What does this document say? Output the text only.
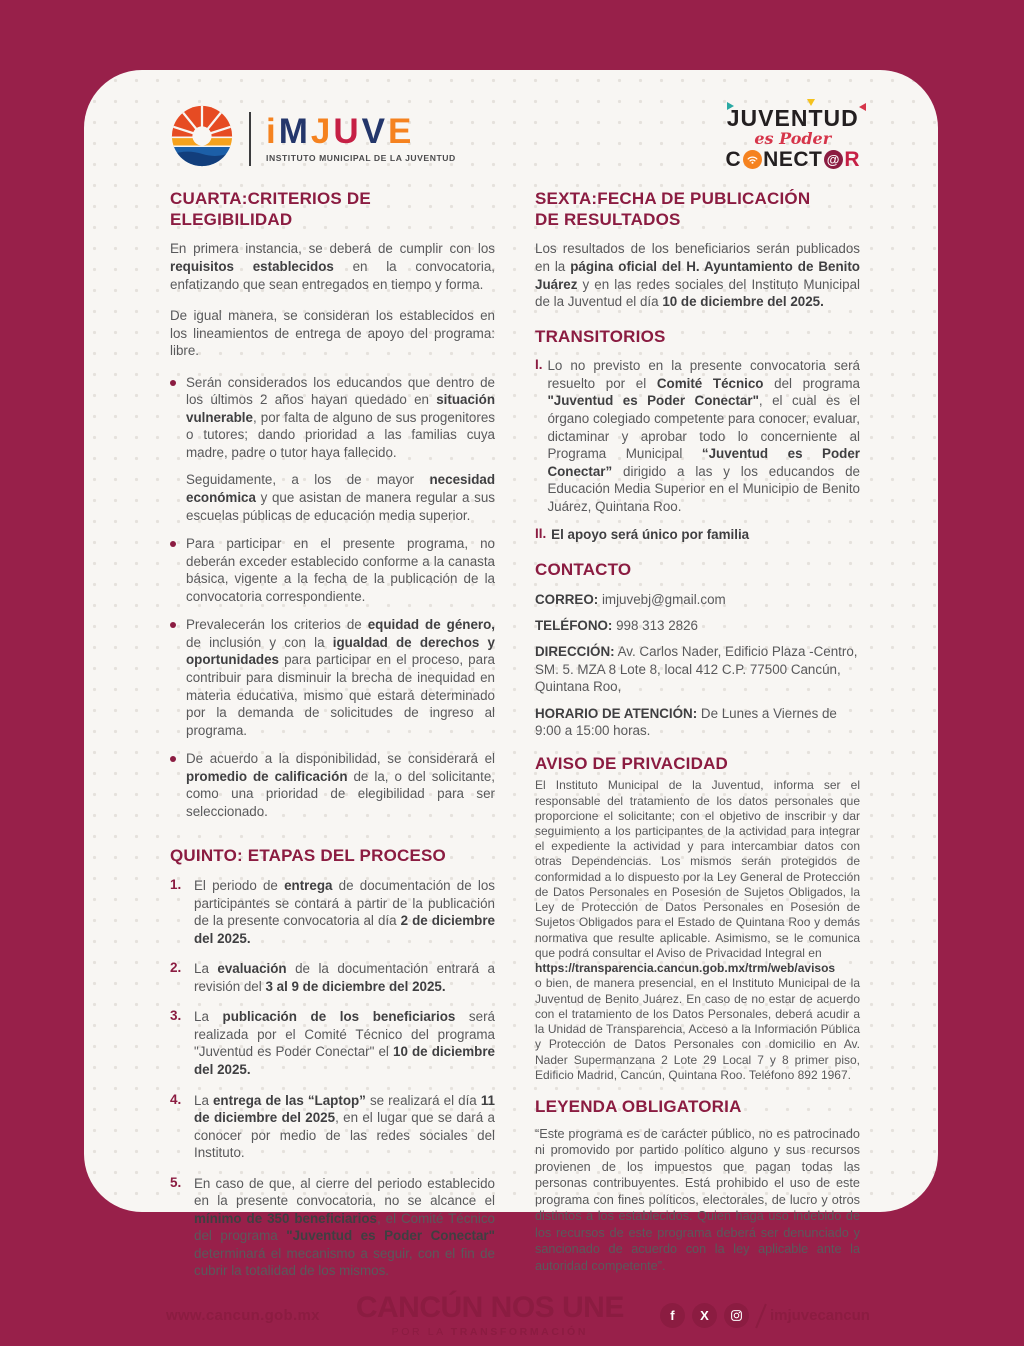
i M J U V E
INSTITUTO MUNICIPAL DE LA JUVENTUD
JUVENTUD
es Poder
C NECT @ R
CUARTA:CRITERIOS DE ELEGIBILIDAD

En primera instancia, se deberá de cumplir con los requisitos establecidos en la convocatoria, enfatizando que sean entregados en tiempo y forma.

De igual manera, se consideran los establecidos en los lineamientos de entrega de apoyo del programa: libre.

Serán considerados los educandos que dentro de los últimos 2 años hayan quedado en situación vulnerable, por falta de alguno de sus progenitores o tutores; dando prioridad a las familias cuya madre, padre o tutor haya fallecido.
Seguidamente, a los de mayor necesidad económica y que asistan de manera regular a sus escuelas públicas de educación media superior.
Para participar en el presente programa, no deberán exceder establecido conforme a la canasta básica, vigente a la fecha de la publicación de la convocatoria correspondiente.
Prevalecerán los criterios de equidad de género, de inclusión y con la igualdad de derechos y oportunidades para participar en el proceso, para contribuir para disminuir la brecha de inequidad en materia educativa, mismo que estará determinado por la demanda de solicitudes de ingreso al programa.
De acuerdo a la disponibilidad, se considerará el promedio de calificación de la, o del solicitante, como una prioridad de elegibilidad para ser seleccionado.
QUINTO: ETAPAS DEL PROCESO
1. El periodo de entrega de documentación de los participantes se contará a partir de la publicación de la presente convocatoria al día 2 de diciembre del 2025.
2. La evaluación de la documentación entrará a revisión del 3 al 9 de diciembre del 2025.
3. La publicación de los beneficiarios será realizada por el Comité Técnico del programa "Juventud es Poder Conectar" el 10 de diciembre del 2025.
4. La entrega de las “Laptop” se realizará el día 11 de diciembre del 2025, en el lugar que se dará a conocer por medio de las redes sociales del Instituto.
5. En caso de que, al cierre del periodo establecido en la presente convocatoria, no se alcance el mínimo de 350 beneficiarios, el Comité Técnico del programa "Juventud es Poder Conectar" determinará el mecanismo a seguir, con el fin de cubrir la totalidad de los mismos.
SEXTA:FECHA DE PUBLICACIÓN
DE RESULTADOS

Los resultados de los beneficiarios serán publicados en la página oficial del H. Ayuntamiento de Benito Juárez y en las redes sociales del Instituto Municipal de la Juventud el día 10 de diciembre del 2025.

TRANSITORIOS
I. Lo no previsto en la presente convocatoria será resuelto por el Comité Técnico del programa "Juventud es Poder Conectar", el cual es el órgano colegiado competente para conocer, evaluar, dictaminar y aprobar todo lo concerniente al Programa Municipal “Juventud es Poder Conectar” dirigido a las y los educandos de Educación Media Superior en el Municipio de Benito Juárez, Quintana Roo.
II. El apoyo será único por familia
CONTACTO

CORREO: imjuvebj@gmail.com

TELÉFONO: 998 313 2826

DIRECCIÓN: Av. Carlos Nader, Edificio Plaza -Centro, SM. 5. MZA 8 Lote 8, local 412 C.P. 77500 Cancún, Quintana Roo,

HORARIO DE ATENCIÓN: De Lunes a Viernes de 9:00 a 15:00 horas.

AVISO DE PRIVACIDAD

El Instituto Municipal de la Juventud, informa ser el responsable del tratamiento de los datos personales que proporcione el solicitante; con el objetivo de inscribir y dar seguimiento a los participantes de la actividad para integrar el expediente la actividad y para intercambiar datos con otras Dependencias. Los mismos serán protegidos de conformidad a lo dispuesto por la Ley General de Protección de Datos Personales en Posesión de Sujetos Obligados, la Ley de Protección de Datos Personales en Posesión de Sujetos Obligados para el Estado de Quintana Roo y demás normativa que resulte aplicable. Asimismo, se le comunica que podrá consultar el Aviso de Privacidad Integral en

https://transparencia.cancun.gob.mx/trm/web/avisos

o bien, de manera presencial, en el Instituto Municipal de la Juventud de Benito Juárez. En caso de no estar de acuerdo con el tratamiento de los Datos Personales, deberá acudir a la Unidad de Transparencia, Acceso a la Información Pública y Protección de Datos Personales con domicilio en Av. Nader Supermanzana 2 Lote 29 Local 7 y 8 primer piso, Edificio Madrid, Cancún, Quintana Roo. Teléfono 892 1967.

LEYENDA OBLIGATORIA

“Este programa es de carácter público, no es patrocinado ni promovido por partido político alguno y sus recursos provienen de los impuestos que pagan todas las personas contribuyentes. Está prohibido el uso de este programa con fines políticos, electorales, de lucro y otros distintos a los establecidos. Quien haga uso indebido de los recursos de este programa deberá ser denunciado y sancionado de acuerdo con la ley aplicable ante la autoridad competente”.

www.cancun.gob.mx CANCÚN NOS UNE
POR LA TRANSFORMACIÓN
f	X	imjuvecancun
